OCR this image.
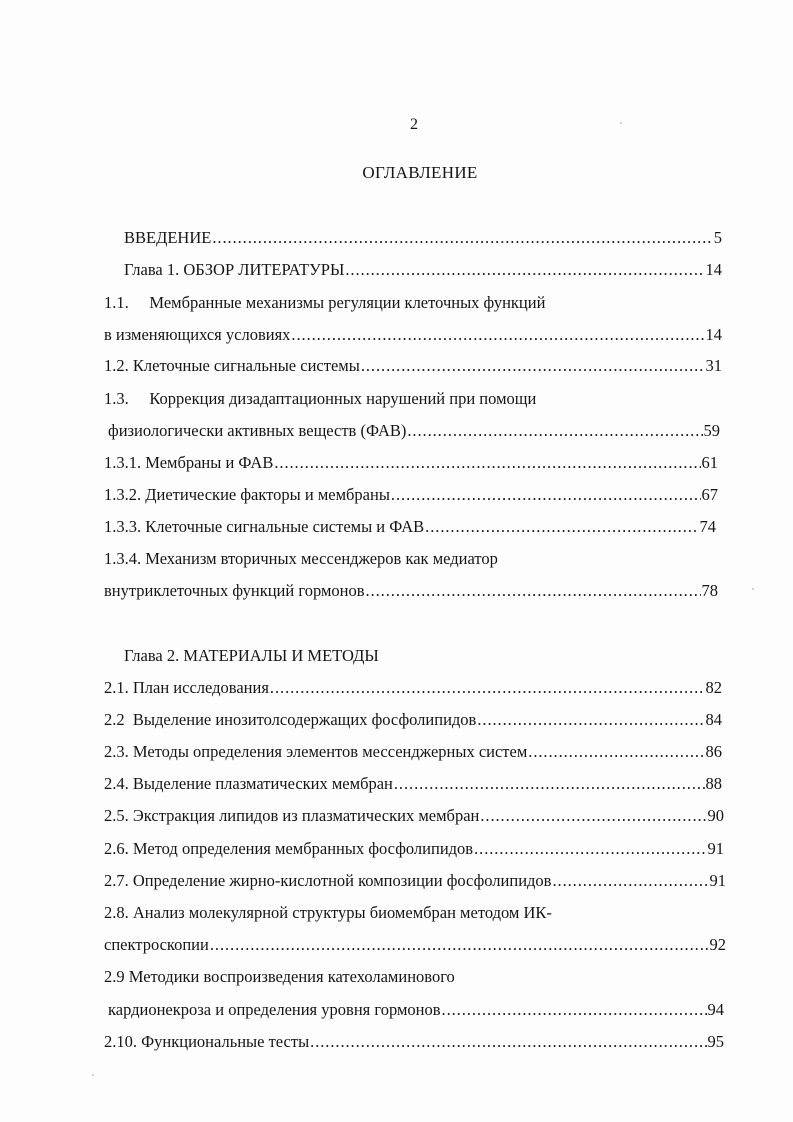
2
ОГЛАВЛЕНИЕ
ВВЕДЕНИЕ . . .	5
Глава 1. ОБЗОР ЛИТЕРАТУРЫ . . .	14
1.1.     Мембранные механизмы регуляции клеточных функций
в изменяющихся условиях . . .	14
1.2. Клеточные сигнальные системы . . .	31
1.3.     Коррекция дизадаптационных нарушений при помощи
физиологически активных веществ (ФАВ) . . .	59
1.3.1. Мембраны и ФАВ . . .	61
1.3.2. Диетические факторы и мембраны . . .	67
1.3.3. Клеточные сигнальные системы и ФАВ . . .	74
1.3.4. Механизм вторичных мессенджеров как медиатор
внутриклеточных функций гормонов . . .	78
Глава 2. МАТЕРИАЛЫ И МЕТОДЫ
2.1. План исследования . . .	82
2.2  Выделение инозитолсодержащих фосфолипидов . . .	84
2.3. Методы определения элементов мессенджерных систем . . .	86
2.4. Выделение плазматических мембран . . .	88
2.5. Экстракция липидов из плазматических мембран . . .	90
2.6. Метод определения мембранных фосфолипидов . . .	91
2.7. Определение жирно-кислотной композиции фосфолипидов . . .	91
2.8. Анализ молекулярной структуры биомембран методом ИК-
спектроскопии . . .	92
2.9 Методики воспроизведения катехоламинового
кардионекроза и определения уровня гормонов . . .	94
2.10. Функциональные тесты . . .	95
